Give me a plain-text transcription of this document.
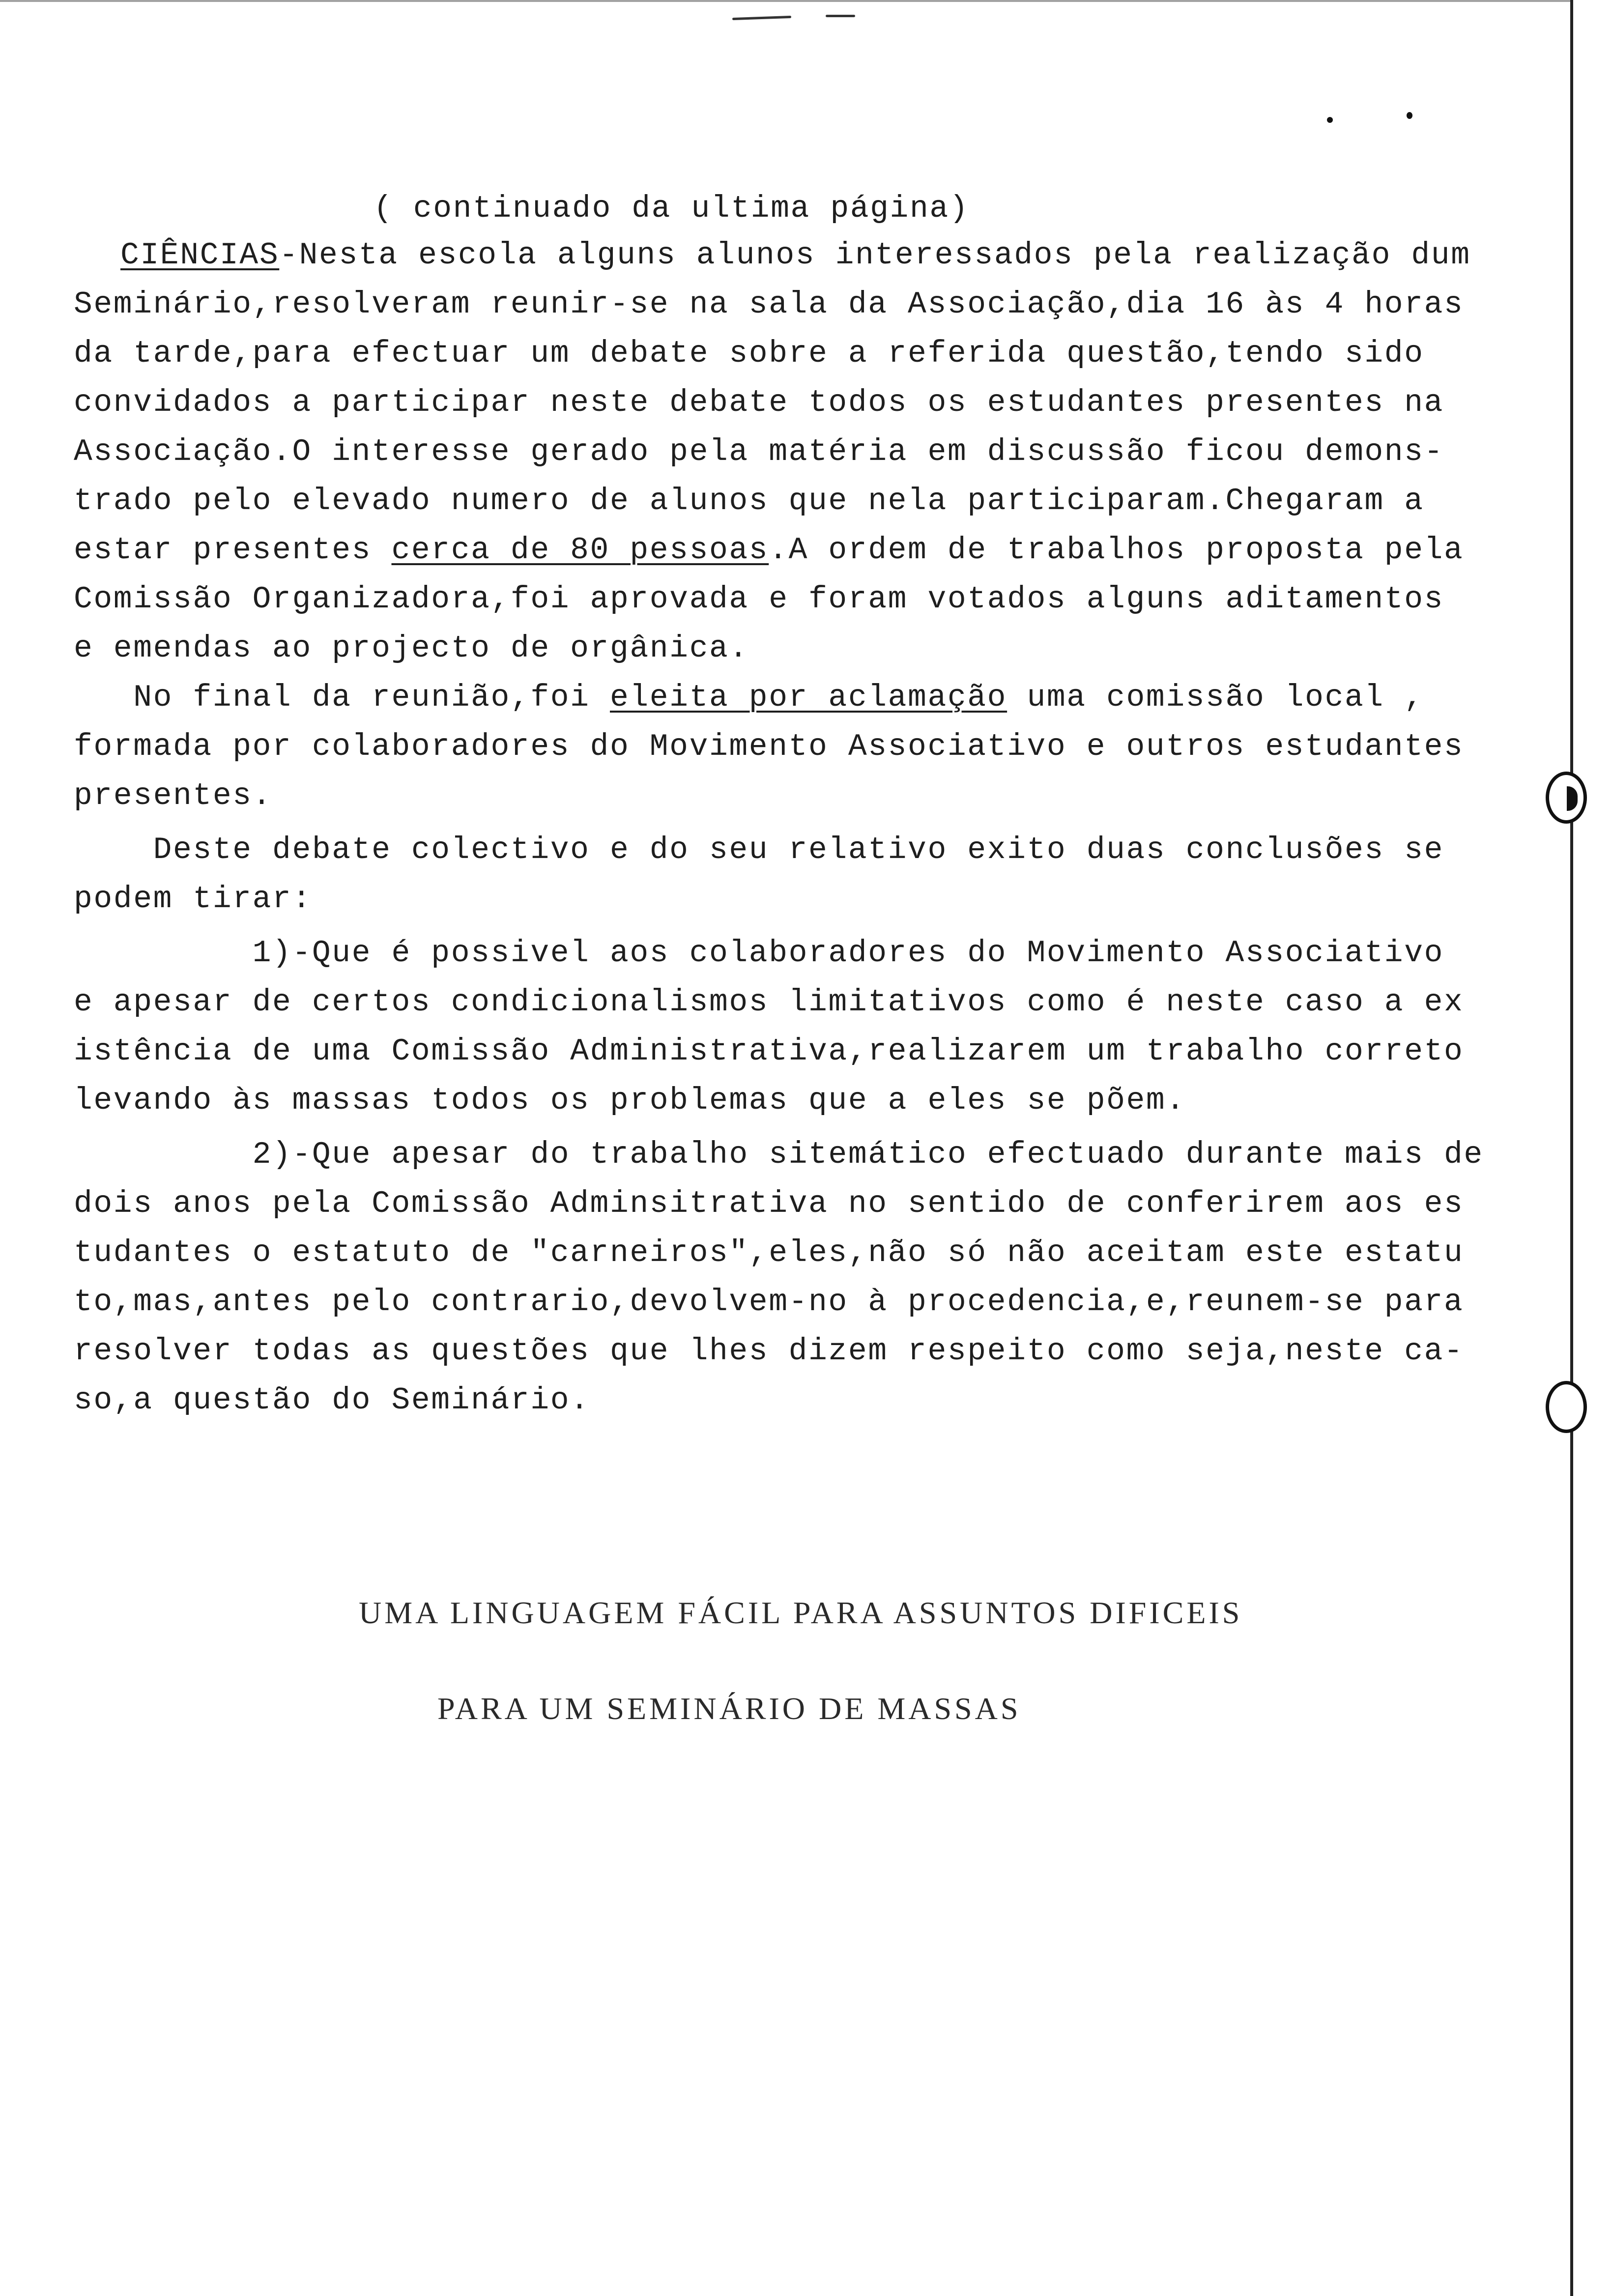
( continuado da ultima página)
CIÊNCIAS-Nesta escola alguns alunos interessados pela realização dum
Seminário,resolveram reunir-se na sala da Associação,dia 16 às 4 horas
da tarde,para efectuar um debate sobre a referida questão,tendo sido
convidados a participar neste debate todos os estudantes presentes na
Associação.O interesse gerado pela matéria em discussão ficou demons-
trado pelo elevado numero de alunos que nela participaram.Chegaram a
estar presentes cerca de 80 pessoas.A ordem de trabalhos proposta pela
Comissão Organizadora,foi aprovada e foram votados alguns aditamentos
e emendas ao projecto de orgânica.
No final da reunião,foi eleita por aclamação uma comissão local ,
formada por colaboradores do Movimento Associativo e outros estudantes
presentes.
Deste debate colectivo e do seu relativo exito duas conclusões se
podem tirar:
1)-Que é possivel aos colaboradores do Movimento Associativo
e apesar de certos condicionalismos limitativos como é neste caso a ex
istência de uma Comissão Administrativa,realizarem um trabalho correto
levando às massas todos os problemas que a eles se põem.
2)-Que apesar do trabalho sitemático efectuado durante mais de
dois anos pela Comissão Adminsitrativa no sentido de conferirem aos es
tudantes o estatuto de "carneiros",eles,não só não aceitam este estatu
to,mas,antes pelo contrario,devolvem-no à procedencia,e,reunem-se para
resolver todas as questões que lhes dizem respeito como seja,neste ca-
so,a questão do Seminário.
UMA LINGUAGEM FÁCIL PARA ASSUNTOS DIFICEIS
PARA UM SEMINÁRIO DE MASSAS
